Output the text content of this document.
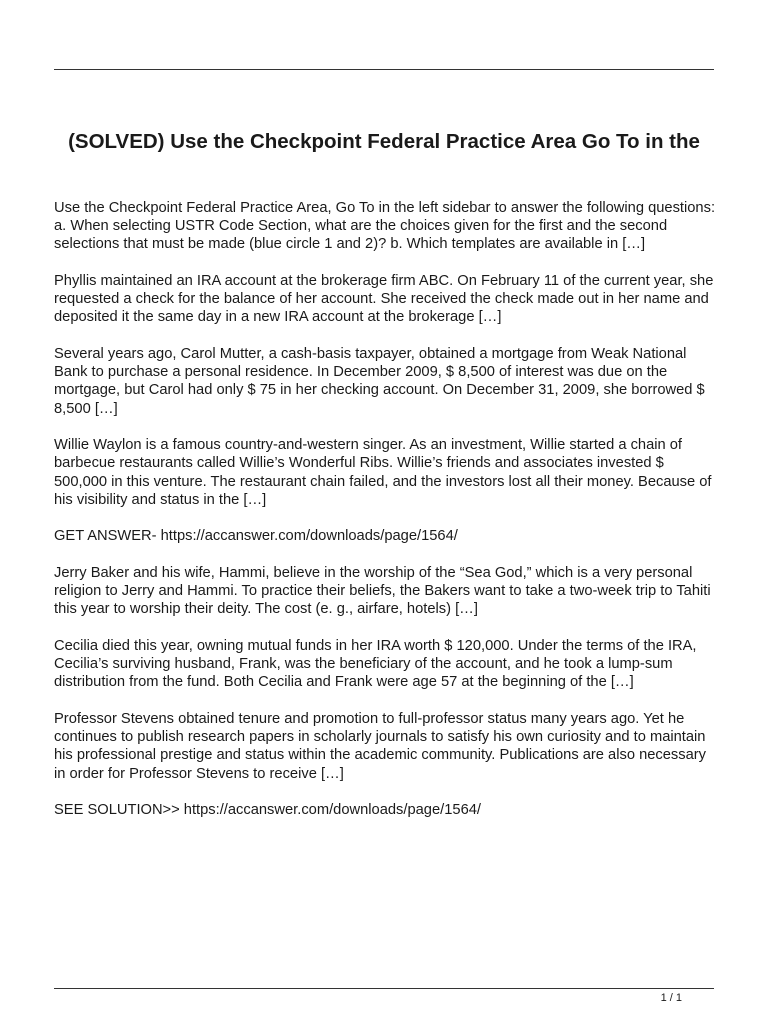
(SOLVED) Use the Checkpoint Federal Practice Area Go To in the

Use the Checkpoint Federal Practice Area, Go To in the left sidebar to answer the following questions: a. When selecting USTR Code Section, what are the choices given for the first and the second selections that must be made (blue circle 1 and 2)? b. Which templates are available in […]

Phyllis maintained an IRA account at the brokerage firm ABC. On February 11 of the current year, she requested a check for the balance of her account. She received the check made out in her name and deposited it the same day in a new IRA account at the brokerage […]

Several years ago, Carol Mutter, a cash-basis taxpayer, obtained a mortgage from Weak National Bank to purchase a personal residence. In December 2009, $ 8,500 of interest was due on the mortgage, but Carol had only $ 75 in her checking account. On December 31, 2009, she borrowed $ 8,500 […]

Willie Waylon is a famous country-and-western singer. As an investment, Willie started a chain of barbecue restaurants called Willie’s Wonderful Ribs. Willie’s friends and associates invested $ 500,000 in this venture. The restaurant chain failed, and the investors lost all their money. Because of his visibility and status in the […]

GET ANSWER- https://accanswer.com/downloads/page/1564/

Jerry Baker and his wife, Hammi, believe in the worship of the “Sea God,” which is a very personal religion to Jerry and Hammi. To practice their beliefs, the Bakers want to take a two-week trip to Tahiti this year to worship their deity. The cost (e. g., airfare, hotels) […]

Cecilia died this year, owning mutual funds in her IRA worth $ 120,000. Under the terms of the IRA, Cecilia’s surviving husband, Frank, was the beneficiary of the account, and he took a lump-sum distribution from the fund. Both Cecilia and Frank were age 57 at the beginning of the […]

Professor Stevens obtained tenure and promotion to full-professor status many years ago. Yet he continues to publish research papers in scholarly journals to satisfy his own curiosity and to maintain his professional prestige and status within the academic community. Publications are also necessary in order for Professor Stevens to receive […]

SEE SOLUTION>> https://accanswer.com/downloads/page/1564/

1 / 1
